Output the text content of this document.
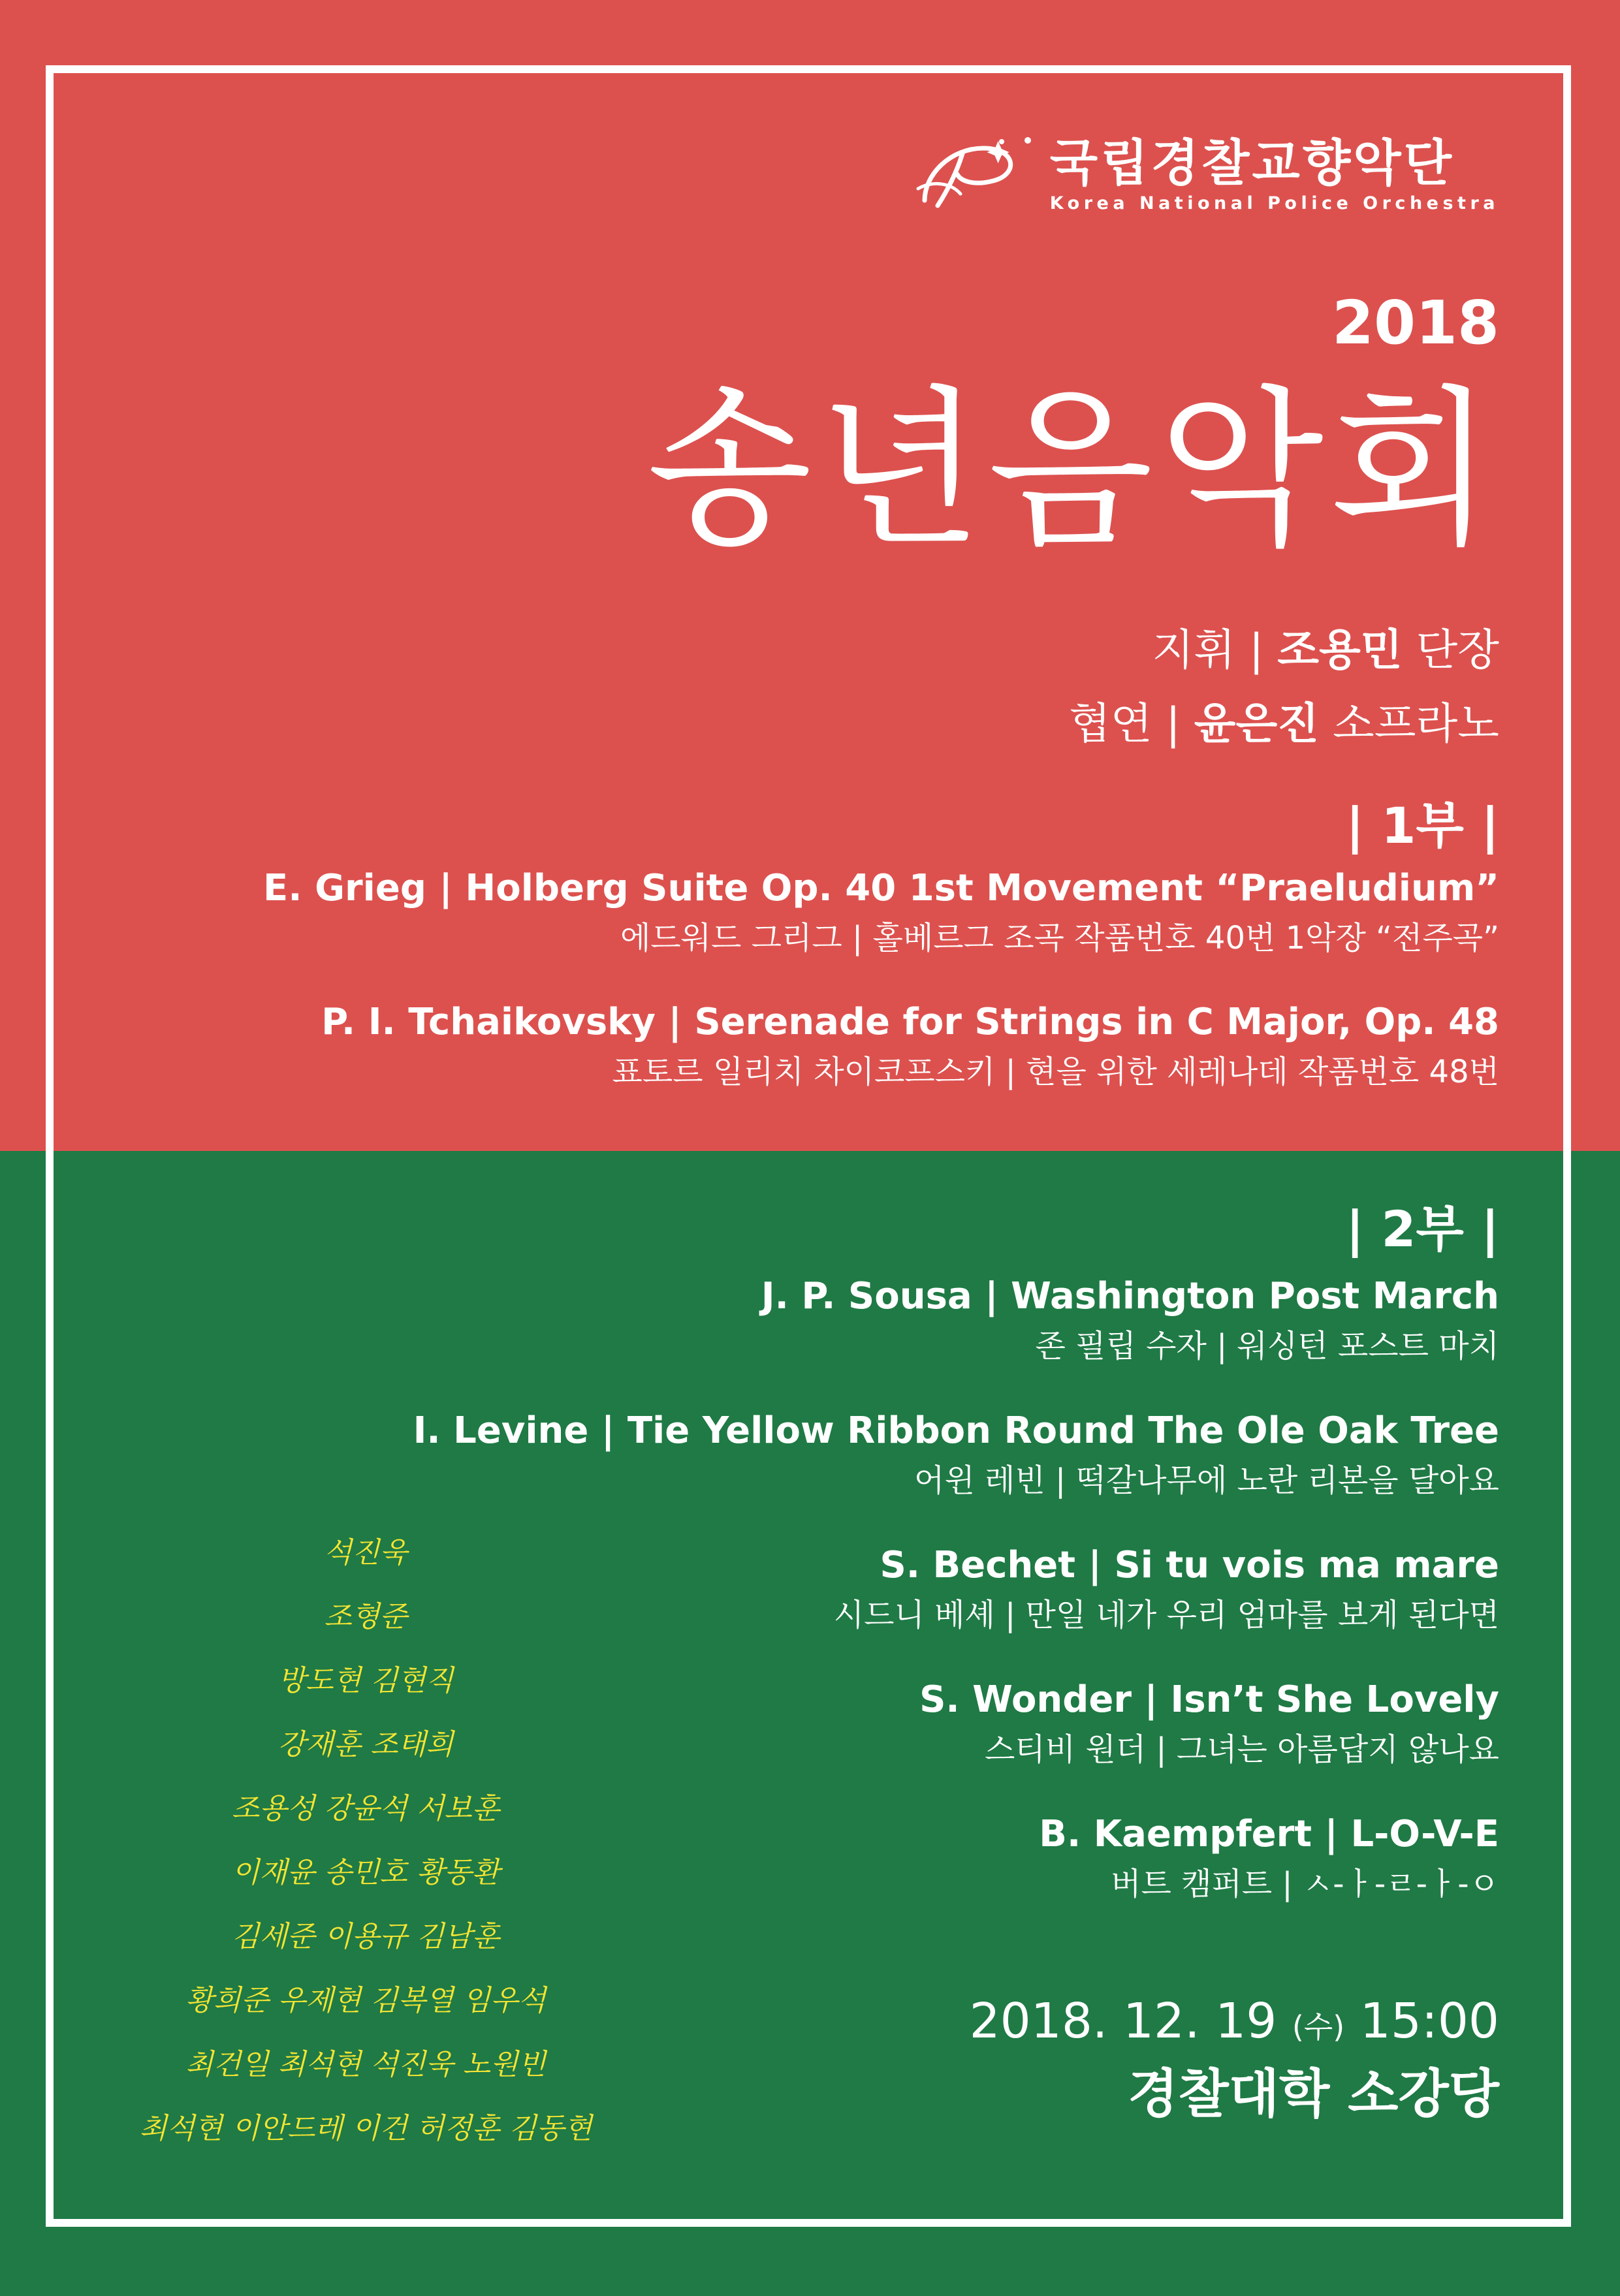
국립경찰교향악단
Korea National Police Orchestra
2018
송년음악회
지휘 | 조용민 단장
협연 | 윤은진 소프라노
| 1부 |
E. Grieg | Holberg Suite Op. 40 1st Movement “Praeludium”
에드워드 그리그 | 홀베르그 조곡 작품번호 40번 1악장 “전주곡”
P. I. Tchaikovsky | Serenade for Strings in C Major, Op. 48
표토르 일리치 차이코프스키 | 현을 위한 세레나데 작품번호 48번
| 2부 |
J. P. Sousa | Washington Post March
존 필립 수자 | 워싱턴 포스트 마치
I. Levine | Tie Yellow Ribbon Round The Ole Oak Tree
어윈 레빈 | 떡갈나무에 노란 리본을 달아요
S. Bechet | Si tu vois ma mare
시드니 베셰 | 만일 네가 우리 엄마를 보게 된다면
S. Wonder | Isn’t She Lovely
스티비 원더 | 그녀는 아름답지 않나요
B. Kaempfert | L-O-V-E
버트 캠퍼트 | ㅅ-ㅏ-ㄹ-ㅏ-ㅇ
석진욱
조형준
방도현 김현직
강재훈 조태희
조용성 강윤석 서보훈
이재윤 송민호 황동환
김세준 이용규 김남훈
황희준 우제현 김복열 임우석
최건일 최석현 석진욱 노원빈
최석현 이안드레 이건 허정훈 김동현
2018. 12. 19 (수) 15:00
경찰대학 소강당
